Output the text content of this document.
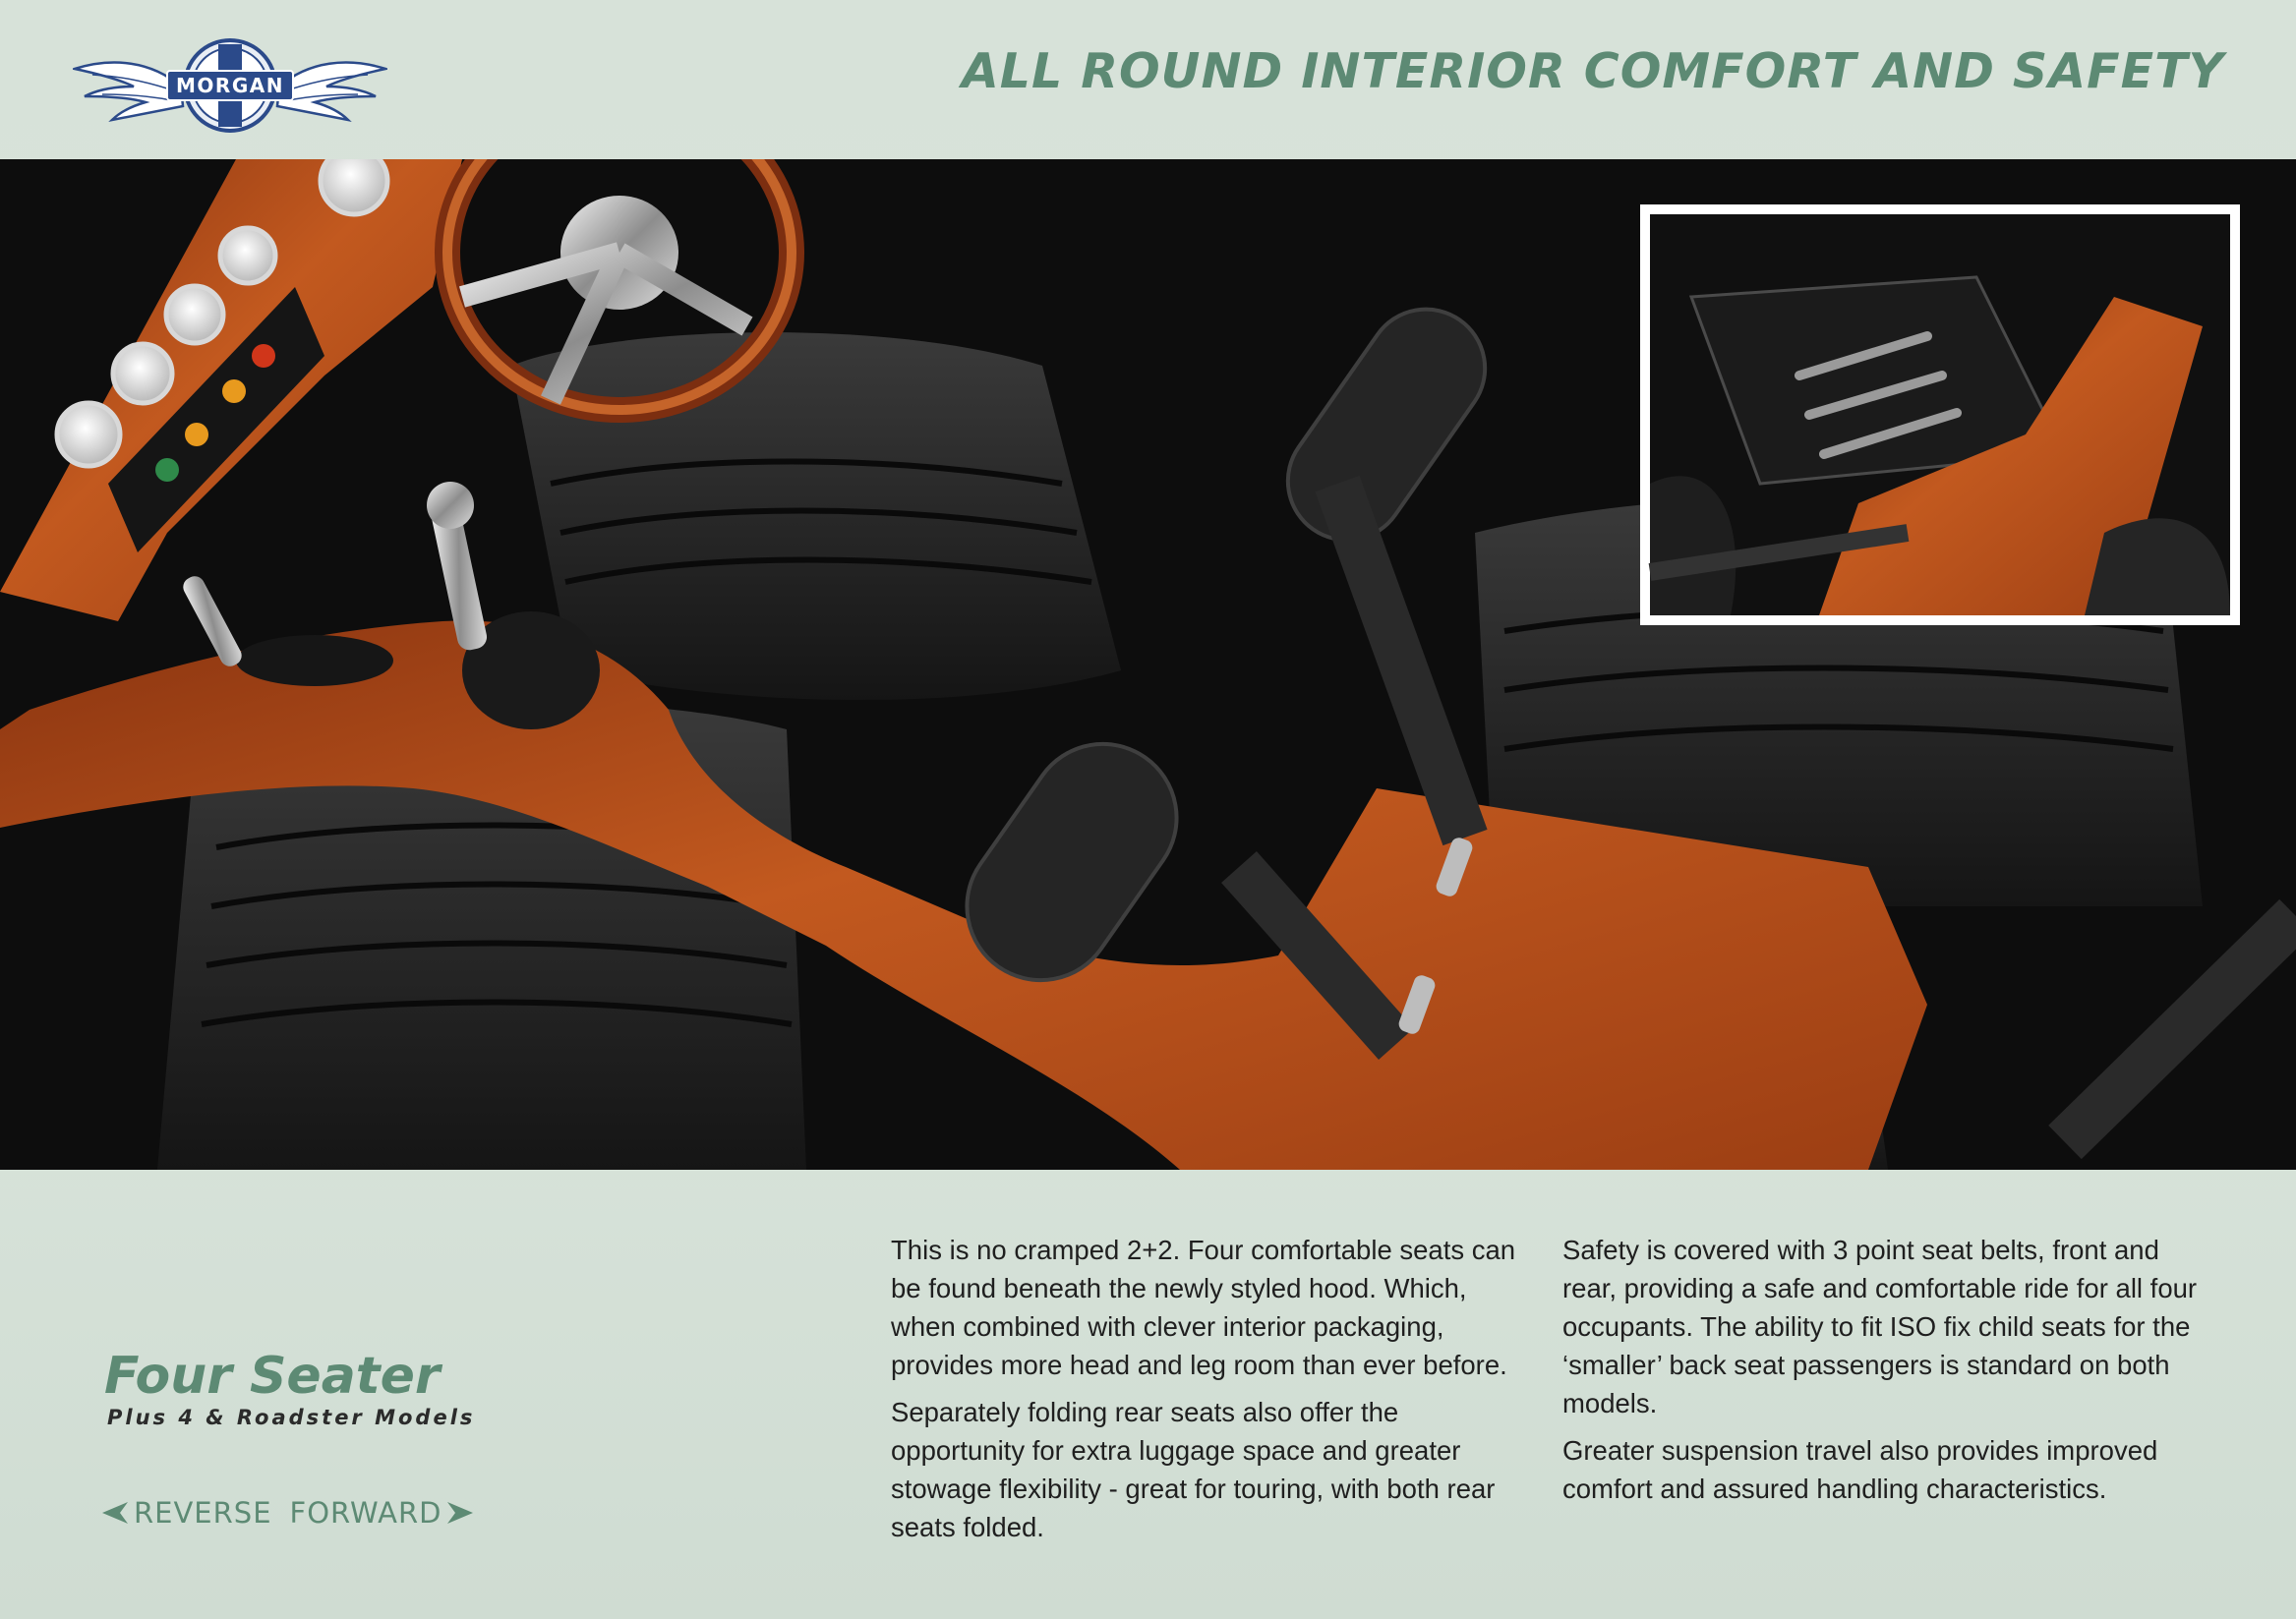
MORGAN	ALL ROUND INTERIOR COMFORT AND SAFETY
Four Seater
Plus 4 & Roadster Models
REVERSE FORWARD

This is no cramped 2+2. Four comfortable seats can be found beneath the newly styled hood. Which, when combined with clever interior packaging, provides more head and leg room than ever before.

Separately folding rear seats also offer the opportunity for extra luggage space and greater stowage flexibility - great for touring, with both rear seats folded.

Safety is covered with 3 point seat belts, front and rear, providing a safe and comfortable ride for all four occupants. The ability to fit ISO fix child seats for the ‘smaller’ back seat passengers is standard on both models.

Greater suspension travel also provides improved comfort and assured handling characteristics.
